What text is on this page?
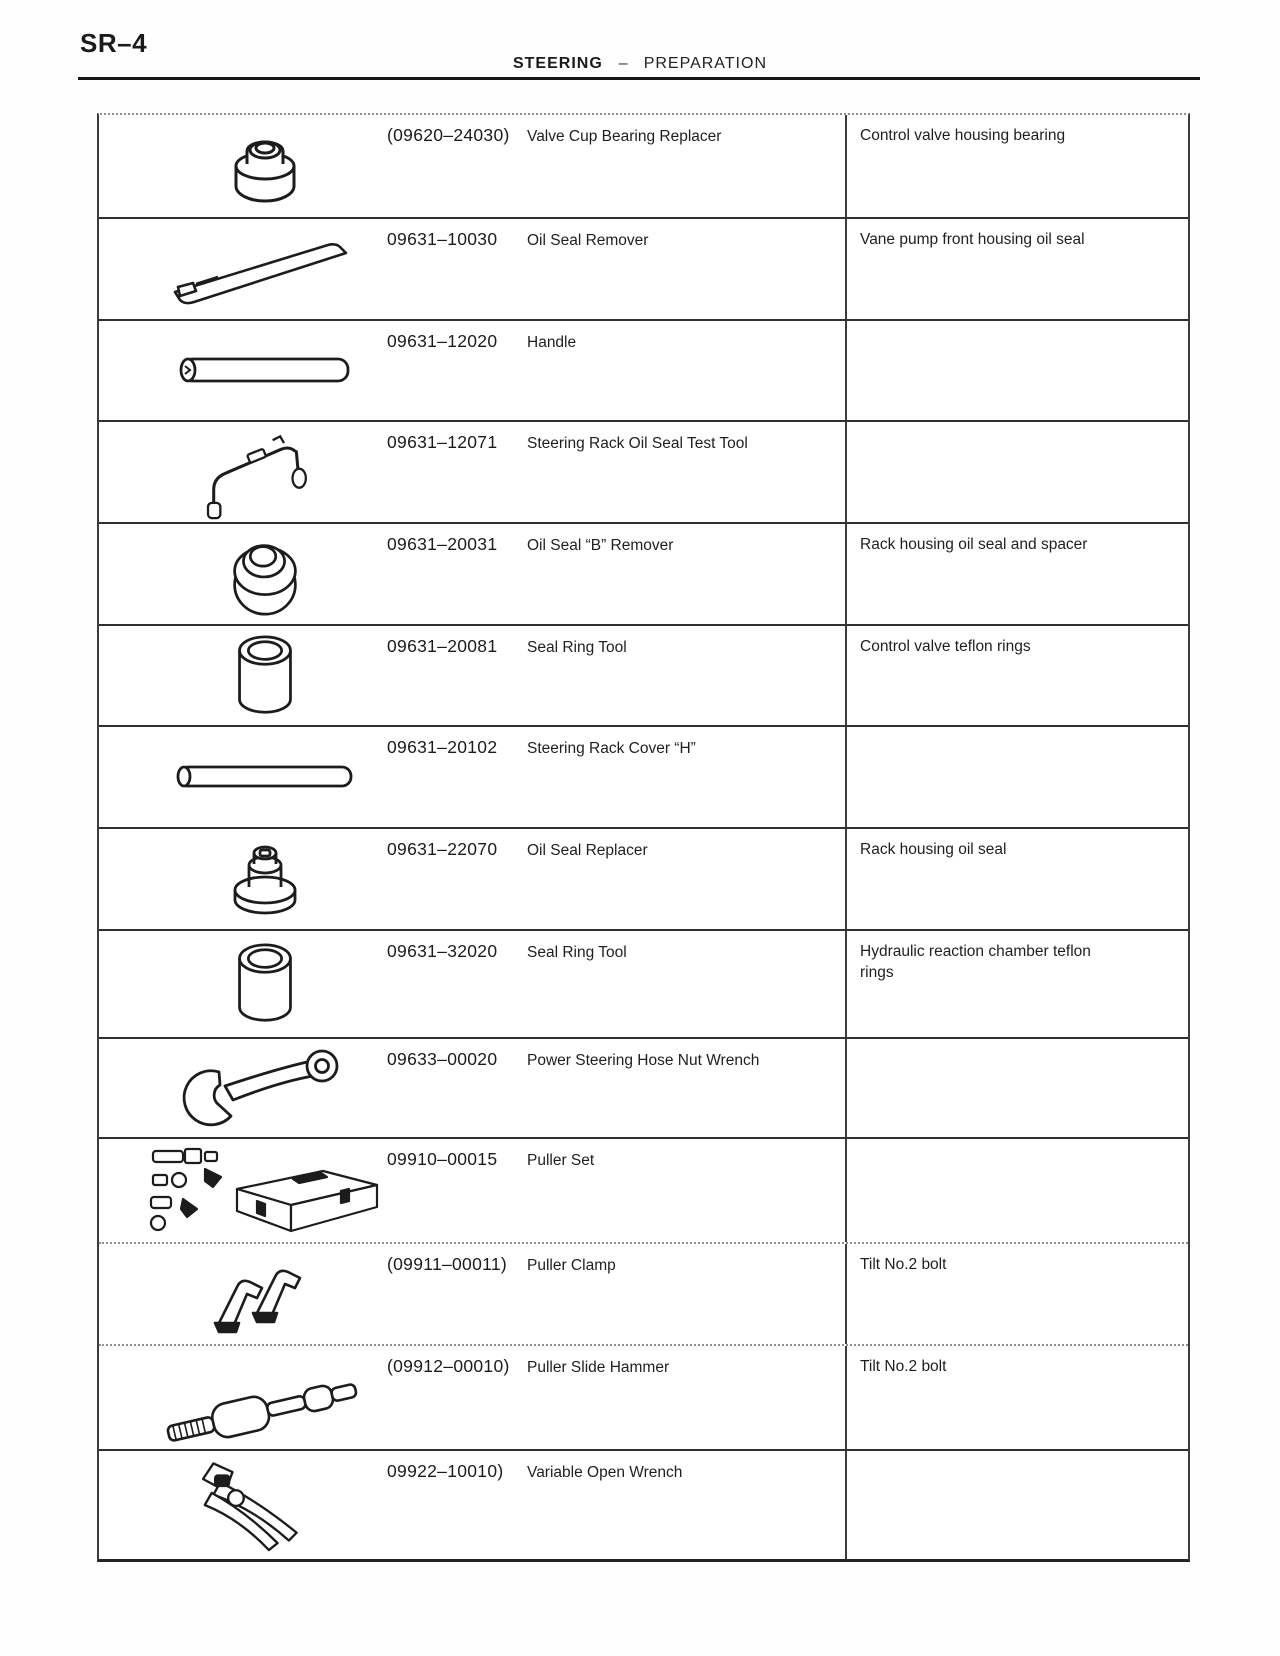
SR–4
STEERING – PREPARATION
(09620–24030) Valve Cup Bearing Replacer	Control valve housing bearing
09631–10030 Oil Seal Remover	Vane pump front housing oil seal
09631–12020 Handle
09631–12071 Steering Rack Oil Seal Test Tool
09631–20031 Oil Seal “B” Remover	Rack housing oil seal and spacer
09631–20081 Seal Ring Tool	Control valve teflon rings
09631–20102 Steering Rack Cover “H”
09631–22070 Oil Seal Replacer	Rack housing oil seal
09631–32020 Seal Ring Tool	Hydraulic reaction chamber teflon rings
09633–00020 Power Steering Hose Nut Wrench
09910–00015 Puller Set
(09911–00011) Puller Clamp	Tilt No.2 bolt
(09912–00010) Puller Slide Hammer	Tilt No.2 bolt
09922–10010) Variable Open Wrench
